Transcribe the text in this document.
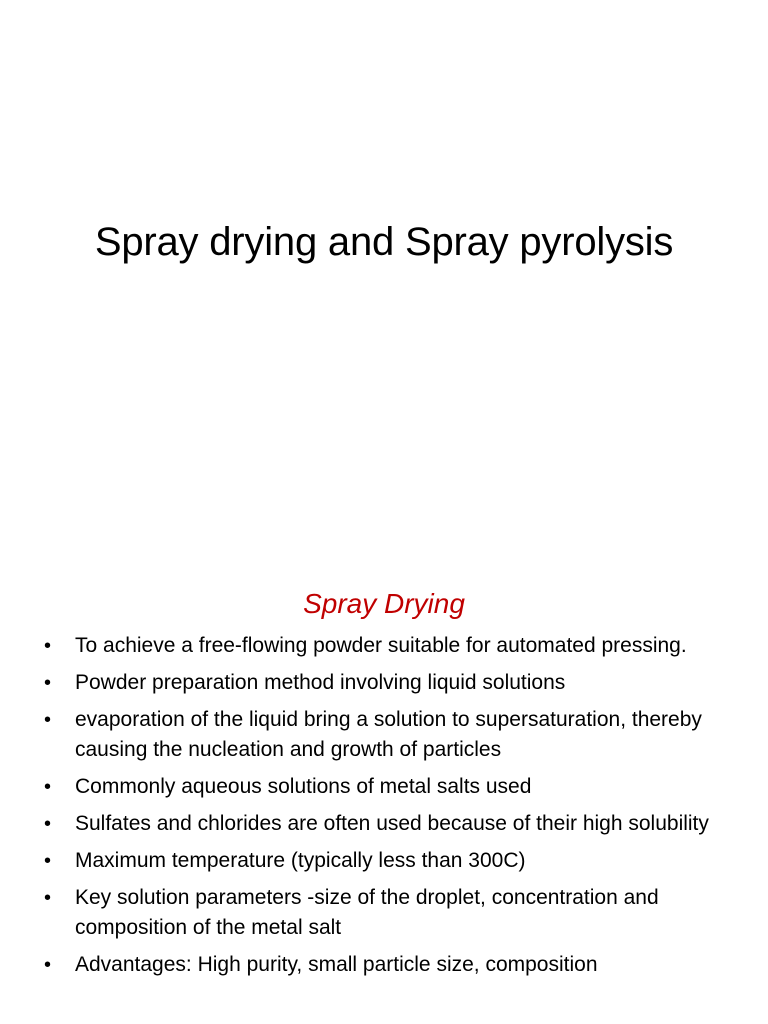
Spray drying and Spray pyrolysis
Spray Drying
•	To achieve a free-flowing powder suitable for automated pressing.
•	Powder preparation method involving liquid solutions
•	evaporation of the liquid bring a solution to supersaturation, thereby causing the nucleation and growth of particles
•	Commonly aqueous solutions of metal salts used
•	Sulfates and chlorides are often used because of their high solubility
•	Maximum temperature (typically less than 300C)
•	Key solution parameters -size of the droplet, concentration and composition of the metal salt
•	Advantages: High purity, small particle size, composition
